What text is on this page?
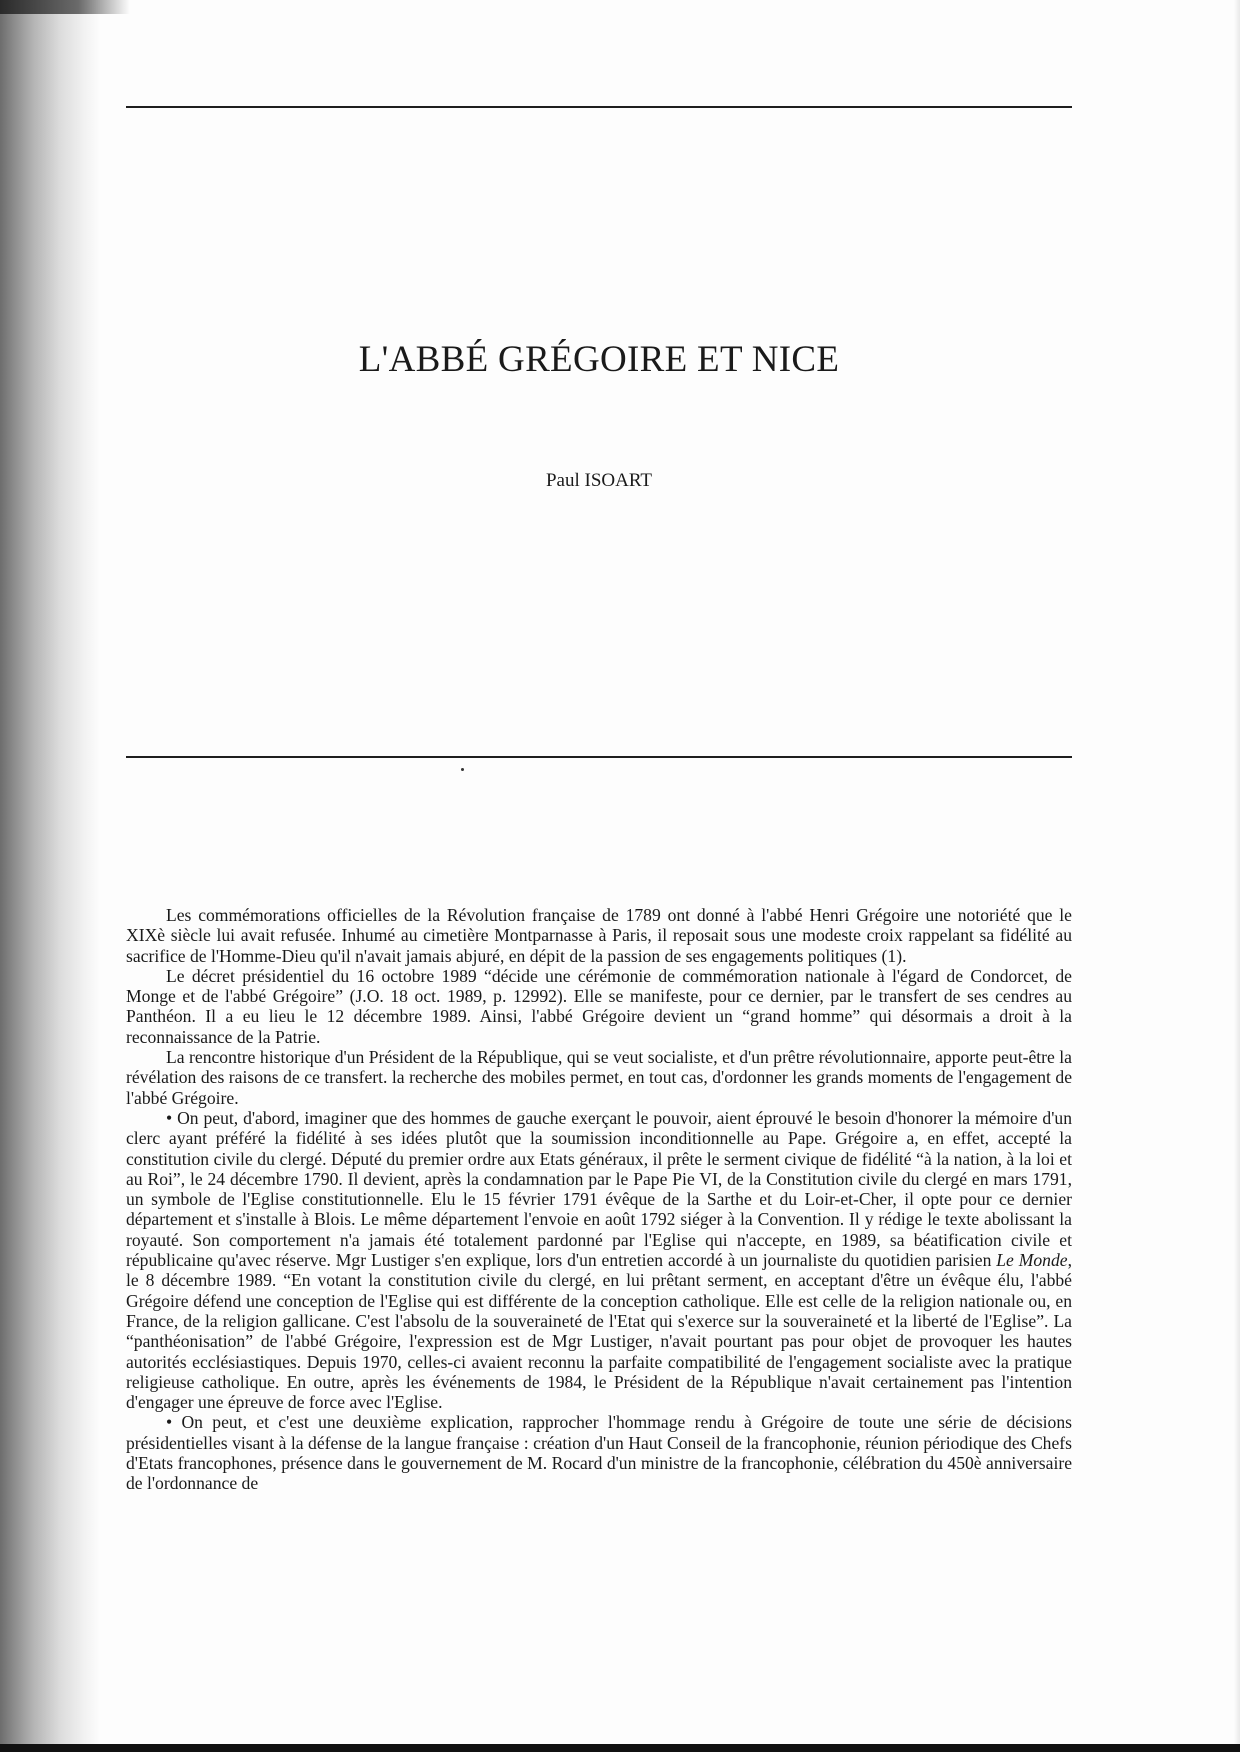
L'ABBÉ GRÉGOIRE ET NICE

Paul ISOART

Les commémorations officielles de la Révolution française de 1789 ont donné à l'abbé Henri Grégoire une notoriété que le XIXè siècle lui avait refusée. Inhumé au cimetière Montparnasse à Paris, il reposait sous une modeste croix rappelant sa fidélité au sacrifice de l'Homme-Dieu qu'il n'avait jamais abjuré, en dépit de la passion de ses engagements politiques (1).

Le décret présidentiel du 16 octobre 1989 “décide une cérémonie de commémoration nationale à l'égard de Condorcet, de Monge et de l'abbé Grégoire” (J.O. 18 oct. 1989, p. 12992). Elle se manifeste, pour ce dernier, par le transfert de ses cendres au Panthéon. Il a eu lieu le 12 décembre 1989. Ainsi, l'abbé Grégoire devient un “grand homme” qui désormais a droit à la reconnaissance de la Patrie.

La rencontre historique d'un Président de la République, qui se veut socialiste, et d'un prêtre révolutionnaire, apporte peut-être la révélation des raisons de ce transfert. la recherche des mobiles permet, en tout cas, d'ordonner les grands moments de l'engagement de l'abbé Grégoire.

• On peut, d'abord, imaginer que des hommes de gauche exerçant le pouvoir, aient éprouvé le besoin d'honorer la mémoire d'un clerc ayant préféré la fidélité à ses idées plutôt que la soumission inconditionnelle au Pape. Grégoire a, en effet, accepté la constitution civile du clergé. Député du premier ordre aux Etats généraux, il prête le serment civique de fidélité “à la nation, à la loi et au Roi”, le 24 décembre 1790. Il devient, après la condamnation par le Pape Pie VI, de la Constitution civile du clergé en mars 1791, un symbole de l'Eglise constitutionnelle. Elu le 15 février 1791 évêque de la Sarthe et du Loir-et-Cher, il opte pour ce dernier département et s'installe à Blois. Le même département l'envoie en août 1792 siéger à la Convention. Il y rédige le texte abolissant la royauté. Son comportement n'a jamais été totalement pardonné par l'Eglise qui n'accepte, en 1989, sa béatification civile et républicaine qu'avec réserve. Mgr Lustiger s'en explique, lors d'un entretien accordé à un journaliste du quotidien parisien Le Monde, le 8 décembre 1989. “En votant la constitution civile du clergé, en lui prêtant serment, en acceptant d'être un évêque élu, l'abbé Grégoire défend une conception de l'Eglise qui est différente de la conception catholique. Elle est celle de la religion nationale ou, en France, de la religion gallicane. C'est l'absolu de la souveraineté de l'Etat qui s'exerce sur la souveraineté et la liberté de l'Eglise”. La “panthéonisation” de l'abbé Grégoire, l'expression est de Mgr Lustiger, n'avait pourtant pas pour objet de provoquer les hautes autorités ecclésiastiques. Depuis 1970, celles-ci avaient reconnu la parfaite compatibilité de l'engagement socialiste avec la pratique religieuse catholique. En outre, après les événements de 1984, le Président de la République n'avait certainement pas l'intention d'engager une épreuve de force avec l'Eglise.

• On peut, et c'est une deuxième explication, rapprocher l'hommage rendu à Grégoire de toute une série de décisions présidentielles visant à la défense de la langue française : création d'un Haut Conseil de la francophonie, réunion périodique des Chefs d'Etats francophones, présence dans le gouvernement de M. Rocard d'un ministre de la francophonie, célébration du 450è anniversaire de l'ordonnance de
